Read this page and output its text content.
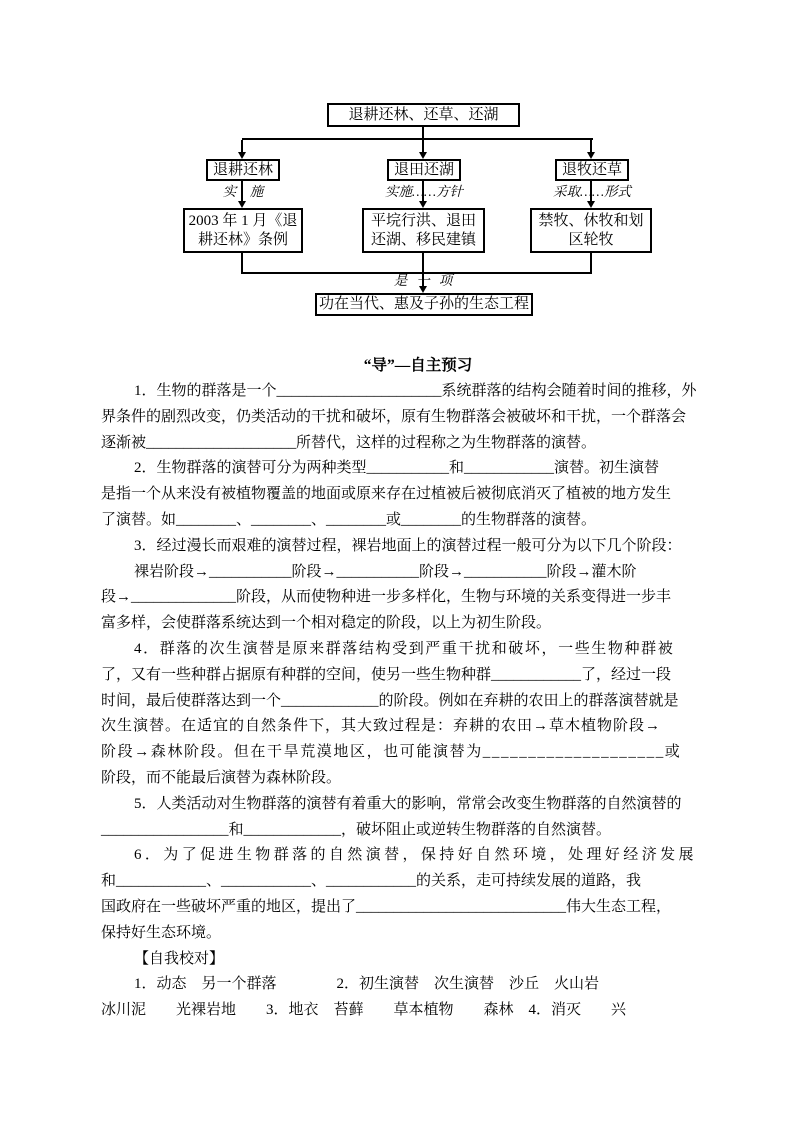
退耕还林、还草、还湖
退耕还林	退田还湖	退牧还草
实　施	实施……方针	采取……形式
2003 年 1 月《退耕还林》条例
平垸行洪、退田还湖、移民建镇
禁牧、休牧和划区轮牧
是一项
功在当代、惠及子孙的生态工程
“导”—自主预习
1．生物的群落是一个______________________系统群落的结构会随着时间的推移，外
界条件的剧烈改变，仍类活动的干扰和破坏，原有生物群落会被破坏和干扰，一个群落会
逐渐被____________________所替代，这样的过程称之为生物群落的演替。
2．生物群落的演替可分为两种类型___________和____________演替。初生演替
是指一个从来没有被植物覆盖的地面或原来存在过植被后被彻底消灭了植被的地方发生
了演替。如________、________、________或________的生物群落的演替。
3．经过漫长而艰难的演替过程，裸岩地面上的演替过程一般可分为以下几个阶段：
裸岩阶段→___________阶段→___________阶段→___________阶段→灌木阶
段→______________阶段，从而使物种进一步多样化，生物与环境的关系变得进一步丰
富多样，会使群落系统达到一个相对稳定的阶段，以上为初生阶段。
4．群落的次生演替是原来群落结构受到严重干扰和破坏，一些生物种群被
了，又有一些种群占据原有种群的空间，使另一些生物种群____________了，经过一段
时间，最后使群落达到一个_____________的阶段。例如在弃耕的农田上的群落演替就是
次生演替。在适宜的自然条件下，其大致过程是：弃耕的农田→草木植物阶段→
阶段→森林阶段。但在干旱荒漠地区，也可能演替为____________________或
阶段，而不能最后演替为森林阶段。
5．人类活动对生物群落的演替有着重大的影响，常常会改变生物群落的自然演替的
_________________和_____________，破坏阻止或逆转生物群落的自然演替。
6．为了促进生物群落的自然演替，保持好自然环境，处理好经济发展
和____________、____________、____________的关系，走可持续发展的道路，我
国政府在一些破坏严重的地区，提出了____________________________伟大生态工程，
保持好生态环境。
【自我校对】
1．动态　另一个群落　　　　2．初生演替　次生演替　沙丘　火山岩
冰川泥　　光裸岩地　　3．地衣　苔藓　　草本植物　　森林　4．消灭　　兴
